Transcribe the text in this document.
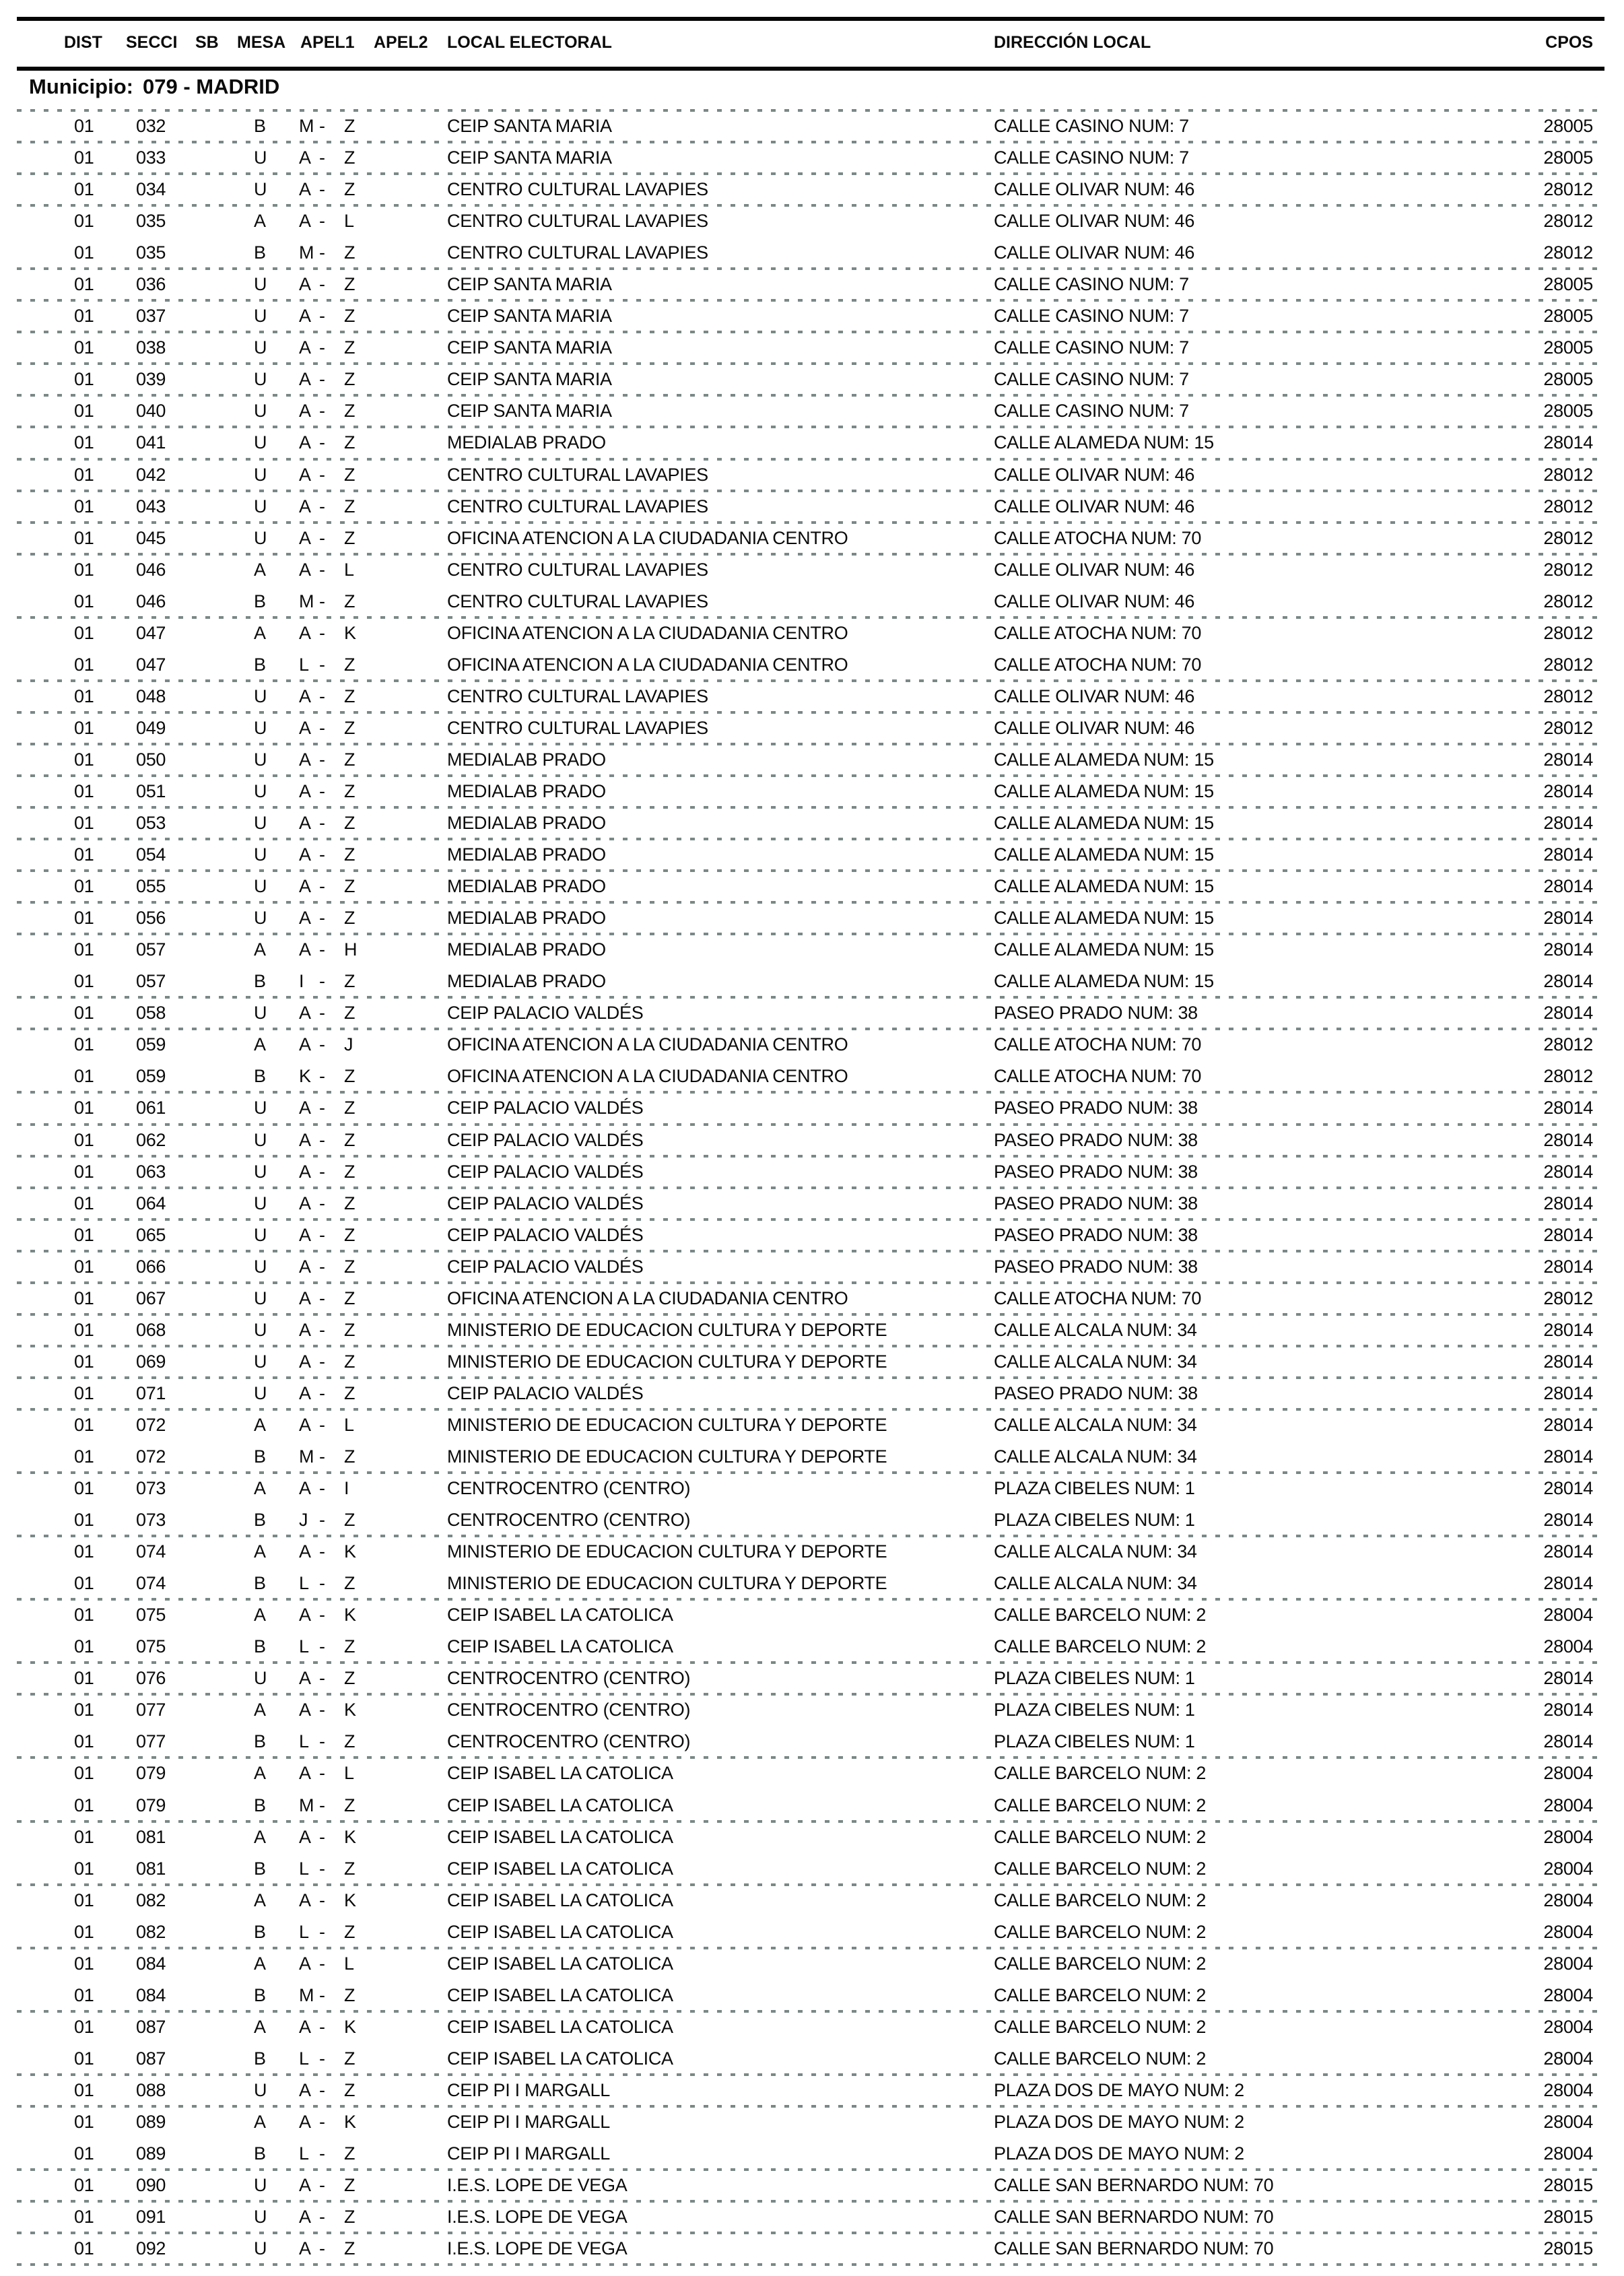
DIST SECCI SB MESA APEL1 APEL2 LOCAL ELECTORAL	DIRECCIÓN LOCAL	CPOS
Municipio: 079 - MADRID
01 032	B M - Z	CEIP SANTA MARIA	CALLE CASINO NUM: 7	28005
01 033	U A - Z	CEIP SANTA MARIA	CALLE CASINO NUM: 7	28005
01 034	U A - Z	CENTRO CULTURAL LAVAPIES	CALLE OLIVAR NUM: 46	28012
01 035	A A - L	CENTRO CULTURAL LAVAPIES	CALLE OLIVAR NUM: 46	28012
01 035	B M - Z	CENTRO CULTURAL LAVAPIES	CALLE OLIVAR NUM: 46	28012
01 036	U A - Z	CEIP SANTA MARIA	CALLE CASINO NUM: 7	28005
01 037	U A - Z	CEIP SANTA MARIA	CALLE CASINO NUM: 7	28005
01 038	U A - Z	CEIP SANTA MARIA	CALLE CASINO NUM: 7	28005
01 039	U A - Z	CEIP SANTA MARIA	CALLE CASINO NUM: 7	28005
01 040	U A - Z	CEIP SANTA MARIA	CALLE CASINO NUM: 7	28005
01 041	U A - Z	MEDIALAB PRADO	CALLE ALAMEDA NUM: 15	28014
01 042	U A - Z	CENTRO CULTURAL LAVAPIES	CALLE OLIVAR NUM: 46	28012
01 043	U A - Z	CENTRO CULTURAL LAVAPIES	CALLE OLIVAR NUM: 46	28012
01 045	U A - Z	OFICINA ATENCION A LA CIUDADANIA CENTRO	CALLE ATOCHA NUM: 70	28012
01 046	A A - L	CENTRO CULTURAL LAVAPIES	CALLE OLIVAR NUM: 46	28012
01 046	B M - Z	CENTRO CULTURAL LAVAPIES	CALLE OLIVAR NUM: 46	28012
01 047	A A - K	OFICINA ATENCION A LA CIUDADANIA CENTRO	CALLE ATOCHA NUM: 70	28012
01 047	B L - Z	OFICINA ATENCION A LA CIUDADANIA CENTRO	CALLE ATOCHA NUM: 70	28012
01 048	U A - Z	CENTRO CULTURAL LAVAPIES	CALLE OLIVAR NUM: 46	28012
01 049	U A - Z	CENTRO CULTURAL LAVAPIES	CALLE OLIVAR NUM: 46	28012
01 050	U A - Z	MEDIALAB PRADO	CALLE ALAMEDA NUM: 15	28014
01 051	U A - Z	MEDIALAB PRADO	CALLE ALAMEDA NUM: 15	28014
01 053	U A - Z	MEDIALAB PRADO	CALLE ALAMEDA NUM: 15	28014
01 054	U A - Z	MEDIALAB PRADO	CALLE ALAMEDA NUM: 15	28014
01 055	U A - Z	MEDIALAB PRADO	CALLE ALAMEDA NUM: 15	28014
01 056	U A - Z	MEDIALAB PRADO	CALLE ALAMEDA NUM: 15	28014
01 057	A A - H	MEDIALAB PRADO	CALLE ALAMEDA NUM: 15	28014
01 057	B I - Z	MEDIALAB PRADO	CALLE ALAMEDA NUM: 15	28014
01 058	U A - Z	CEIP PALACIO VALDÉS	PASEO PRADO NUM: 38	28014
01 059	A A - J	OFICINA ATENCION A LA CIUDADANIA CENTRO	CALLE ATOCHA NUM: 70	28012
01 059	B K - Z	OFICINA ATENCION A LA CIUDADANIA CENTRO	CALLE ATOCHA NUM: 70	28012
01 061	U A - Z	CEIP PALACIO VALDÉS	PASEO PRADO NUM: 38	28014
01 062	U A - Z	CEIP PALACIO VALDÉS	PASEO PRADO NUM: 38	28014
01 063	U A - Z	CEIP PALACIO VALDÉS	PASEO PRADO NUM: 38	28014
01 064	U A - Z	CEIP PALACIO VALDÉS	PASEO PRADO NUM: 38	28014
01 065	U A - Z	CEIP PALACIO VALDÉS	PASEO PRADO NUM: 38	28014
01 066	U A - Z	CEIP PALACIO VALDÉS	PASEO PRADO NUM: 38	28014
01 067	U A - Z	OFICINA ATENCION A LA CIUDADANIA CENTRO	CALLE ATOCHA NUM: 70	28012
01 068	U A - Z	MINISTERIO DE EDUCACION CULTURA Y DEPORTE	CALLE ALCALA NUM: 34	28014
01 069	U A - Z	MINISTERIO DE EDUCACION CULTURA Y DEPORTE	CALLE ALCALA NUM: 34	28014
01 071	U A - Z	CEIP PALACIO VALDÉS	PASEO PRADO NUM: 38	28014
01 072	A A - L	MINISTERIO DE EDUCACION CULTURA Y DEPORTE	CALLE ALCALA NUM: 34	28014
01 072	B M - Z	MINISTERIO DE EDUCACION CULTURA Y DEPORTE	CALLE ALCALA NUM: 34	28014
01 073	A A - I	CENTROCENTRO (CENTRO)	PLAZA CIBELES NUM: 1	28014
01 073	B J - Z	CENTROCENTRO (CENTRO)	PLAZA CIBELES NUM: 1	28014
01 074	A A - K	MINISTERIO DE EDUCACION CULTURA Y DEPORTE	CALLE ALCALA NUM: 34	28014
01 074	B L - Z	MINISTERIO DE EDUCACION CULTURA Y DEPORTE	CALLE ALCALA NUM: 34	28014
01 075	A A - K	CEIP ISABEL LA CATOLICA	CALLE BARCELO NUM: 2	28004
01 075	B L - Z	CEIP ISABEL LA CATOLICA	CALLE BARCELO NUM: 2	28004
01 076	U A - Z	CENTROCENTRO (CENTRO)	PLAZA CIBELES NUM: 1	28014
01 077	A A - K	CENTROCENTRO (CENTRO)	PLAZA CIBELES NUM: 1	28014
01 077	B L - Z	CENTROCENTRO (CENTRO)	PLAZA CIBELES NUM: 1	28014
01 079	A A - L	CEIP ISABEL LA CATOLICA	CALLE BARCELO NUM: 2	28004
01 079	B M - Z	CEIP ISABEL LA CATOLICA	CALLE BARCELO NUM: 2	28004
01 081	A A - K	CEIP ISABEL LA CATOLICA	CALLE BARCELO NUM: 2	28004
01 081	B L - Z	CEIP ISABEL LA CATOLICA	CALLE BARCELO NUM: 2	28004
01 082	A A - K	CEIP ISABEL LA CATOLICA	CALLE BARCELO NUM: 2	28004
01 082	B L - Z	CEIP ISABEL LA CATOLICA	CALLE BARCELO NUM: 2	28004
01 084	A A - L	CEIP ISABEL LA CATOLICA	CALLE BARCELO NUM: 2	28004
01 084	B M - Z	CEIP ISABEL LA CATOLICA	CALLE BARCELO NUM: 2	28004
01 087	A A - K	CEIP ISABEL LA CATOLICA	CALLE BARCELO NUM: 2	28004
01 087	B L - Z	CEIP ISABEL LA CATOLICA	CALLE BARCELO NUM: 2	28004
01 088	U A - Z	CEIP PI I MARGALL	PLAZA DOS DE MAYO NUM: 2	28004
01 089	A A - K	CEIP PI I MARGALL	PLAZA DOS DE MAYO NUM: 2	28004
01 089	B L - Z	CEIP PI I MARGALL	PLAZA DOS DE MAYO NUM: 2	28004
01 090	U A - Z	I.E.S. LOPE DE VEGA	CALLE SAN BERNARDO NUM: 70	28015
01 091	U A - Z	I.E.S. LOPE DE VEGA	CALLE SAN BERNARDO NUM: 70	28015
01 092	U A - Z	I.E.S. LOPE DE VEGA	CALLE SAN BERNARDO NUM: 70	28015
